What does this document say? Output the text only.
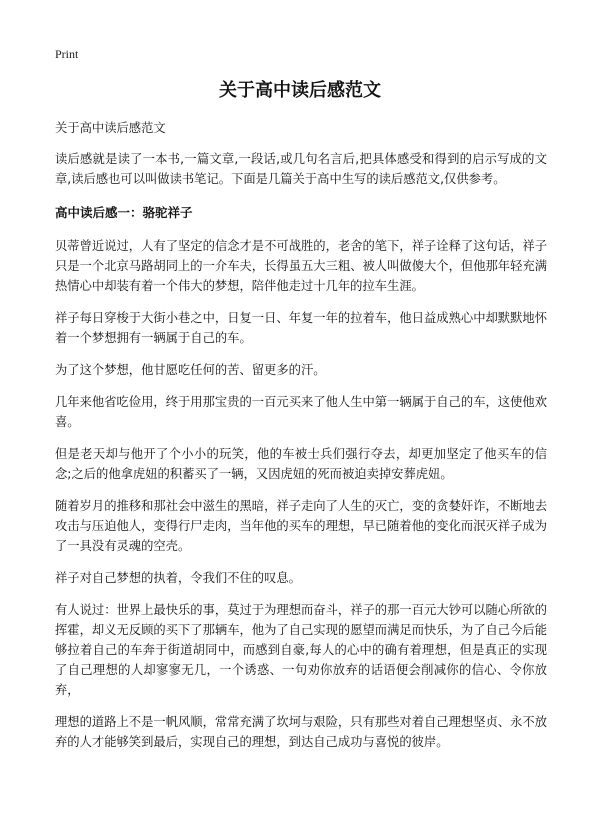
Print
关于高中读后感范文

关于高中读后感范文

读后感就是读了一本书,一篇文章,一段话,或几句名言后,把具体感受和得到的启示写成的文章,读后感也可以叫做读书笔记。下面是几篇关于高中生写的读后感范文,仅供参考。

高中读后感一：骆驼祥子

贝蒂曾近说过，人有了坚定的信念才是不可战胜的，老舍的笔下，祥子诠释了这句话，祥子只是一个北京马路胡同上的一介车夫，长得虽五大三粗、被人叫做傻大个，但他那年轻充满热情心中却装有着一个伟大的梦想，陪伴他走过十几年的拉车生涯。

祥子每日穿梭于大街小巷之中，日复一日、年复一年的拉着车，他日益成熟心中却默默地怀着一个梦想拥有一辆属于自己的车。

为了这个梦想，他甘愿吃任何的苦、留更多的汗。

几年来他省吃俭用，终于用那宝贵的一百元买来了他人生中第一辆属于自己的车，这使他欢喜。

但是老天却与他开了个小小的玩笑，他的车被士兵们强行夺去，却更加坚定了他买车的信念;之后的他拿虎妞的积蓄买了一辆，又因虎妞的死而被迫卖掉安葬虎妞。

随着岁月的推移和那社会中滋生的黑暗，祥子走向了人生的灭亡，变的贪婪奸诈，不断地去攻击与压迫他人，变得行尸走肉，当年他的买车的理想，早已随着他的变化而泯灭祥子成为了一具没有灵魂的空壳。

祥子对自己梦想的执着，令我们不住的叹息。

有人说过：世界上最快乐的事，莫过于为理想而奋斗，祥子的那一百元大钞可以随心所欲的挥霍，却义无反顾的买下了那辆车，他为了自己实现的愿望而满足而快乐，为了自己今后能够拉着自己的车奔于街道胡同中，而感到自豪,每人的心中的确有着理想，但是真正的实现了自己理想的人却寥寥无几，一个诱惑、一句劝你放弃的话语便会削减你的信心、令你放弃，

理想的道路上不是一帆风顺，常常充满了坎坷与艰险，只有那些对着自己理想坚贞、永不放弃的人才能够笑到最后，实现自己的理想，到达自己成功与喜悦的彼岸。
